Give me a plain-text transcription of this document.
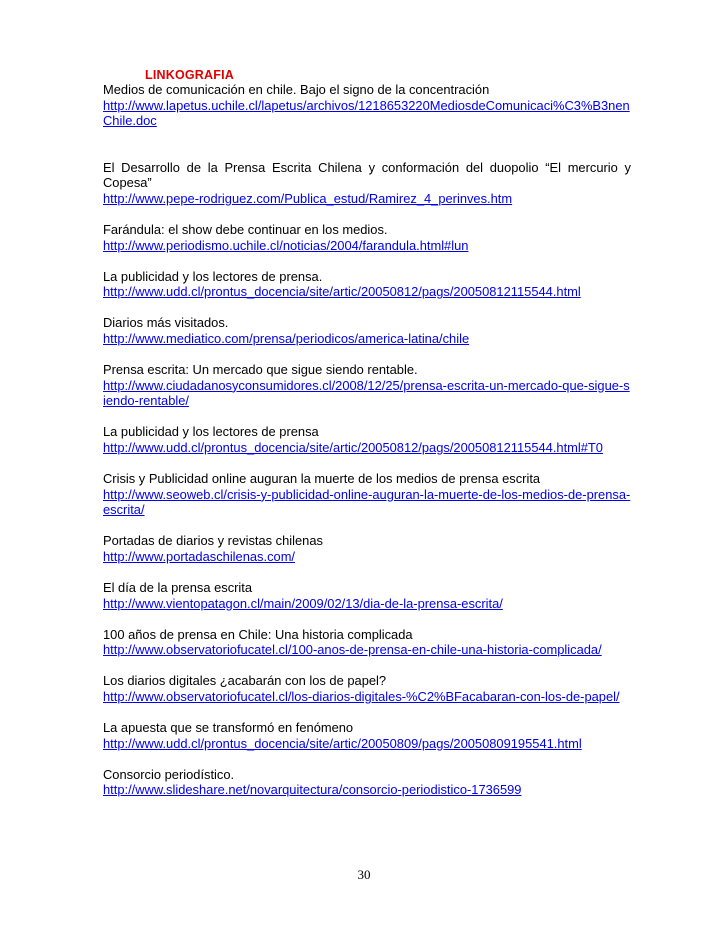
LINKOGRAFIA
Medios de comunicación en chile. Bajo el signo de la concentración
http://www.lapetus.uchile.cl/lapetus/archivos/1218653220MediosdeComunicaci%C3%B3nenChile.doc
El Desarrollo de la Prensa Escrita Chilena y conformación del duopolio “El mercurio y Copesa”
http://www.pepe-rodriguez.com/Publica_estud/Ramirez_4_perinves.htm
Farándula: el show debe continuar en los medios.
http://www.periodismo.uchile.cl/noticias/2004/farandula.html#lun
La publicidad y los lectores de prensa.
http://www.udd.cl/prontus_docencia/site/artic/20050812/pags/20050812115544.html
Diarios más visitados.
http://www.mediatico.com/prensa/periodicos/america-latina/chile
Prensa escrita: Un mercado que sigue siendo rentable.
http://www.ciudadanosyconsumidores.cl/2008/12/25/prensa-escrita-un-mercado-que-sigue-siendo-rentable/
La publicidad y los lectores de prensa
http://www.udd.cl/prontus_docencia/site/artic/20050812/pags/20050812115544.html#T0
Crisis y Publicidad online auguran la muerte de los medios de prensa escrita
http://www.seoweb.cl/crisis-y-publicidad-online-auguran-la-muerte-de-los-medios-de-prensa-escrita/
Portadas de diarios y revistas chilenas
http://www.portadaschilenas.com/
El día de la prensa escrita
http://www.vientopatagon.cl/main/2009/02/13/dia-de-la-prensa-escrita/
100 años de prensa en Chile: Una historia complicada
http://www.observatoriofucatel.cl/100-anos-de-prensa-en-chile-una-historia-complicada/
Los diarios digitales ¿acabarán con los de papel?
http://www.observatoriofucatel.cl/los-diarios-digitales-%C2%BFacabaran-con-los-de-papel/
La apuesta que se transformó en fenómeno
http://www.udd.cl/prontus_docencia/site/artic/20050809/pags/20050809195541.html
Consorcio periodístico.
http://www.slideshare.net/novarquitectura/consorcio-periodistico-1736599
30
